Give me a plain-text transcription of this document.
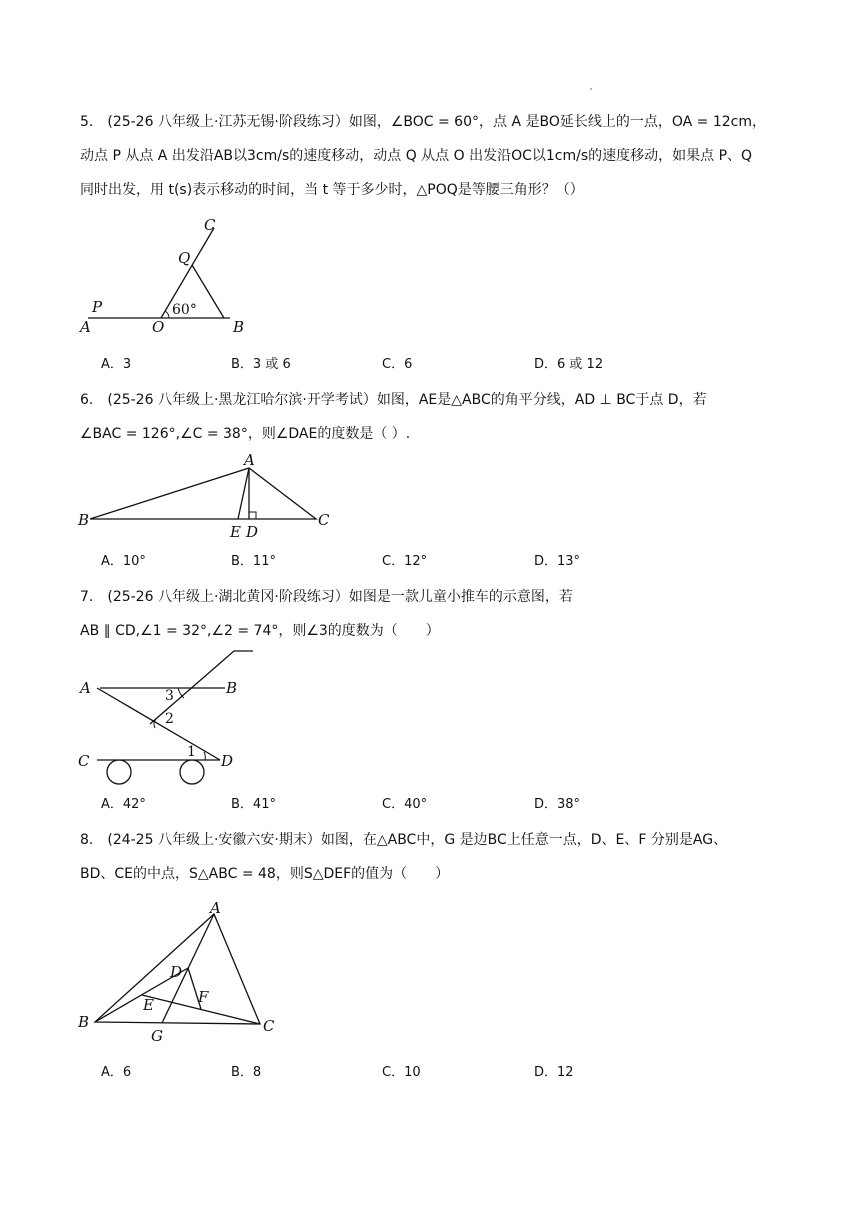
5.　(25-26 八年级上·江苏无锡·阶段练习）如图，∠BOC = 60°，点 A 是BO延长线上的一点，OA = 12cm，
动点 P 从点 A 出发沿AB以3cm/s的速度移动，动点 Q 从点 O 出发沿OC以1cm/s的速度移动，如果点 P、Q
同时出发，用 t(s)表示移动的时间，当 t 等于多少时，△POQ是等腰三角形？（）
C
Q
P
A	O	B
60°
A．3	B．3 或 6	C．6	D．6 或 12
6.　(25-26 八年级上·黑龙江哈尔滨·开学考试）如图，AE是△ABC的角平分线，AD ⊥ BC于点 D，若
∠BAC = 126°,∠C = 38°，则∠DAE的度数是（ ）.
A
B	C
E D
A．10°	B．11°	C．12°	D．13°
7.　(25-26 八年级上·湖北黄冈·阶段练习）如图是一款儿童小推车的示意图，若
AB ∥ CD,∠1 = 32°,∠2 = 74°，则∠3的度数为（　　）
A	B
C	D
3
2
1
A．42°	B．41°	C．40°	D．38°
8.　(24-25 八年级上·安徽六安·期末）如图，在△ABC中，G 是边BC上任意一点，D、E、F 分别是AG、
BD、CE的中点，S△ABC = 48，则S△DEF的值为（　　）
A
B	C
D
E	F
G
A．6	B．8	C．10	D．12
